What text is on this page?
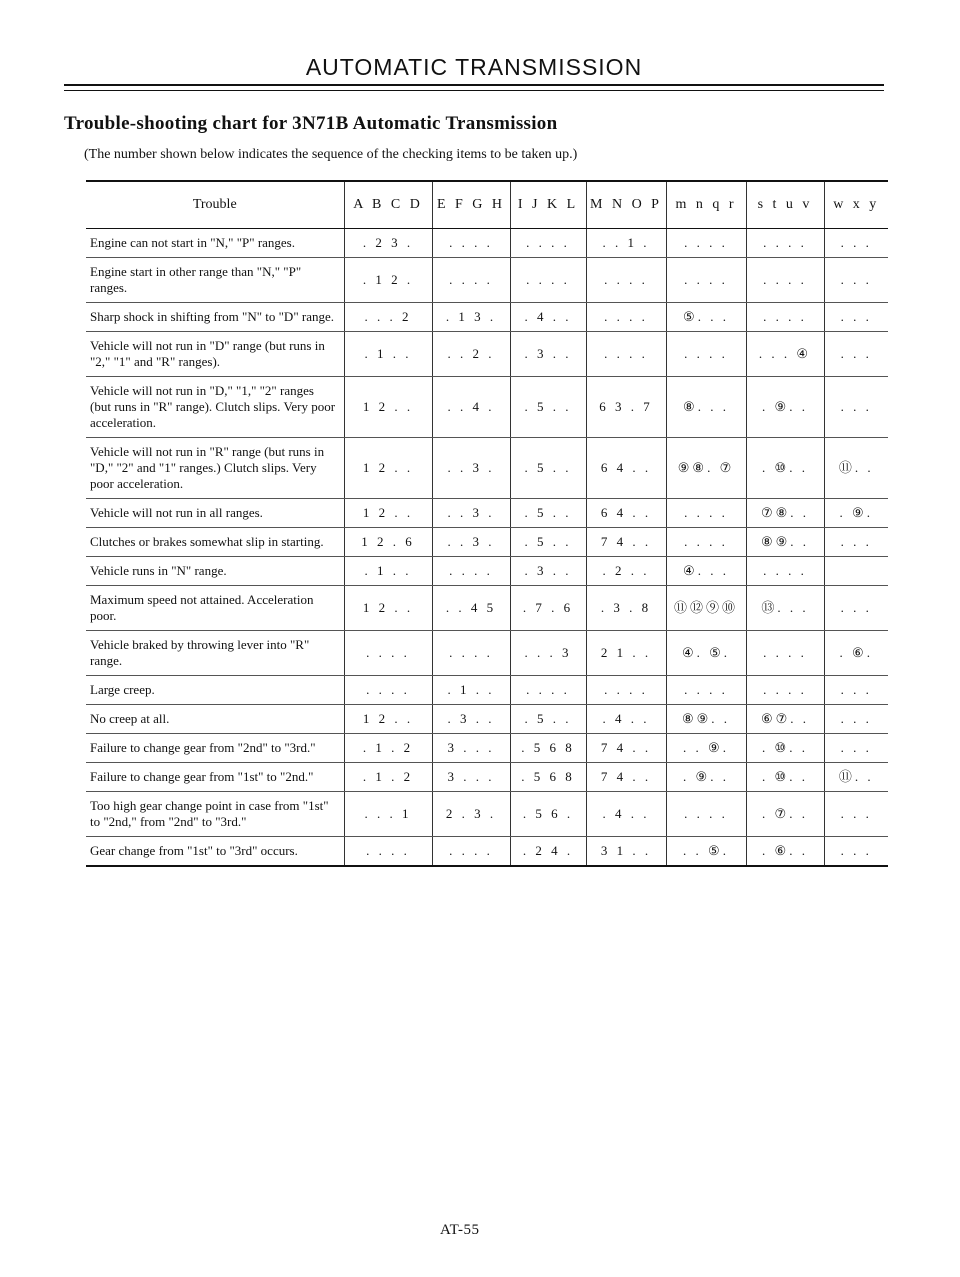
AUTOMATIC TRANSMISSION
Trouble-shooting chart for 3N71B Automatic Transmission
(The number shown below indicates the sequence of the checking items to be taken up.)
Trouble	A B C D	E F G H	I J K L	M N O P	m n q r	s t u v	w x y
Engine can not start in "N," "P" ranges.	. 2 3 .	. . . .	. . . .	. . 1 .	. . . .	. . . .	. . .
Engine start in other range than "N," "P" ranges.	. 1 2 .	. . . .	. . . .	. . . .	. . . .	. . . .	. . .
Sharp shock in shifting from "N" to "D" range.	. . . 2	. 1 3 .	. 4 . .	. . . .	⑤. . .	. . . .	. . .
Vehicle will not run in "D" range (but runs in "2," "1" and "R" ranges).	. 1 . .	. . 2 .	. 3 . .	. . . .	. . . .	. . . ④	. . .
Vehicle will not run in "D," "1," "2" ranges (but runs in "R" range). Clutch slips. Very poor acceleration.	1 2 . .	. . 4 .	. 5 . .	6 3 . 7	⑧. . .	. ⑨. .	. . .
Vehicle will not run in "R" range (but runs in "D," "2" and "1" ranges.) Clutch slips. Very poor acceleration.	1 2 . .	. . 3 .	. 5 . .	6 4 . .	⑨⑧. ⑦	. ⑩. .	⑪. .
Vehicle will not run in all ranges.	1 2 . .	. . 3 .	. 5 . .	6 4 . .	. . . .	⑦⑧. .	. ⑨.
Clutches or brakes somewhat slip in starting.	1 2 . 6	. . 3 .	. 5 . .	7 4 . .	. . . .	⑧⑨. .	. . .
Vehicle runs in "N" range.	. 1 . .	. . . .	. 3 . .	. 2 . .	④. . .	. . . .	
Maximum speed not attained. Acceleration poor.	1 2 . .	. . 4 5	. 7 . 6	. 3 . 8	⑪⑫⑨⑩	⑬. . .	. . .
Vehicle braked by throwing lever into "R" range.	. . . .	. . . .	. . . 3	2 1 . .	④. ⑤.	. . . .	. ⑥.
Large creep.	. . . .	. 1 . .	. . . .	. . . .	. . . .	. . . .	. . .
No creep at all.	1 2 . .	. 3 . .	. 5 . .	. 4 . .	⑧⑨. .	⑥⑦. .	. . .
Failure to change gear from "2nd" to "3rd."	. 1 . 2	3 . . .	. 5 6 8	7 4 . .	. . ⑨.	. ⑩. .	. . .
Failure to change gear from "1st" to "2nd."	. 1 . 2	3 . . .	. 5 6 8	7 4 . .	. ⑨. .	. ⑩. .	⑪. .
Too high gear change point in case from "1st" to "2nd," from "2nd" to "3rd."	. . . 1	2 . 3 .	. 5 6 .	. 4 . .	. . . .	. ⑦. .	. . .
Gear change from "1st" to "3rd" occurs.	. . . .	. . . .	. 2 4 .	3 1 . .	. . ⑤.	. ⑥. .	. . .
AT-55
